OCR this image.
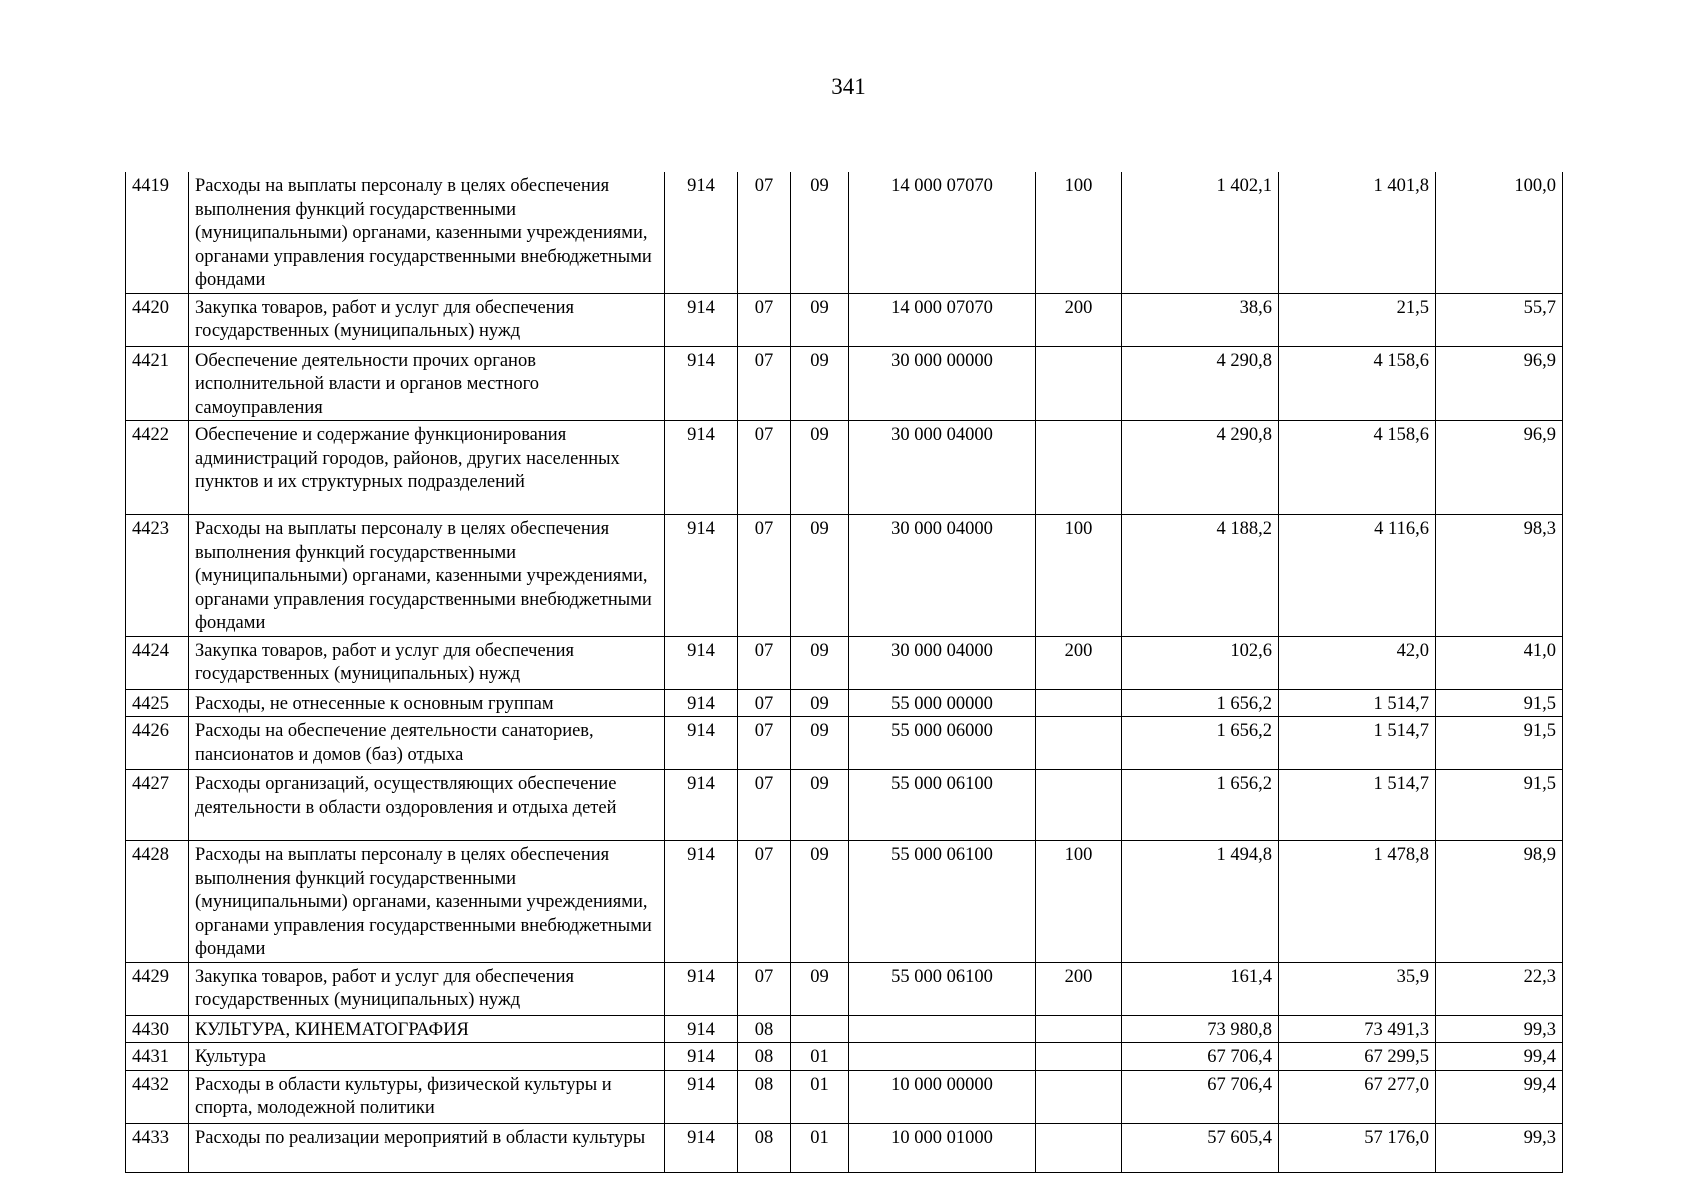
341
4419	Расходы на выплаты персоналу в целях обеспечения выполнения функций государственными (муниципальными) органами, казенными учреждениями, органами управления государственными внебюджетными фондами	914	07	09	14 000 07070	100	1 402,1	1 401,8	100,0
4420	Закупка товаров, работ и услуг для обеспечения государственных (муниципальных) нужд	914	07	09	14 000 07070	200	38,6	21,5	55,7
4421	Обеспечение деятельности прочих органов исполнительной власти и органов местного самоуправления	914	07	09	30 000 00000		4 290,8	4 158,6	96,9
4422	Обеспечение и содержание функционирования администраций городов, районов, других населенных пунктов и их структурных подразделений	914	07	09	30 000 04000		4 290,8	4 158,6	96,9
4423	Расходы на выплаты персоналу в целях обеспечения выполнения функций государственными (муниципальными) органами, казенными учреждениями, органами управления государственными внебюджетными фондами	914	07	09	30 000 04000	100	4 188,2	4 116,6	98,3
4424	Закупка товаров, работ и услуг для обеспечения государственных (муниципальных) нужд	914	07	09	30 000 04000	200	102,6	42,0	41,0
4425	Расходы, не отнесенные к основным группам	914	07	09	55 000 00000		1 656,2	1 514,7	91,5
4426	Расходы на обеспечение деятельности санаториев, пансионатов и домов (баз) отдыха	914	07	09	55 000 06000		1 656,2	1 514,7	91,5
4427	Расходы организаций, осуществляющих обеспечение деятельности в области оздоровления и отдыха детей	914	07	09	55 000 06100		1 656,2	1 514,7	91,5
4428	Расходы на выплаты персоналу в целях обеспечения выполнения функций государственными (муниципальными) органами, казенными учреждениями, органами управления государственными внебюджетными фондами	914	07	09	55 000 06100	100	1 494,8	1 478,8	98,9
4429	Закупка товаров, работ и услуг для обеспечения государственных (муниципальных) нужд	914	07	09	55 000 06100	200	161,4	35,9	22,3
4430	КУЛЬТУРА, КИНЕМАТОГРАФИЯ	914	08				73 980,8	73 491,3	99,3
4431	Культура	914	08	01			67 706,4	67 299,5	99,4
4432	Расходы в области культуры, физической культуры и спорта, молодежной политики	914	08	01	10 000 00000		67 706,4	67 277,0	99,4
4433	Расходы по реализации мероприятий в области культуры	914	08	01	10 000 01000		57 605,4	57 176,0	99,3
